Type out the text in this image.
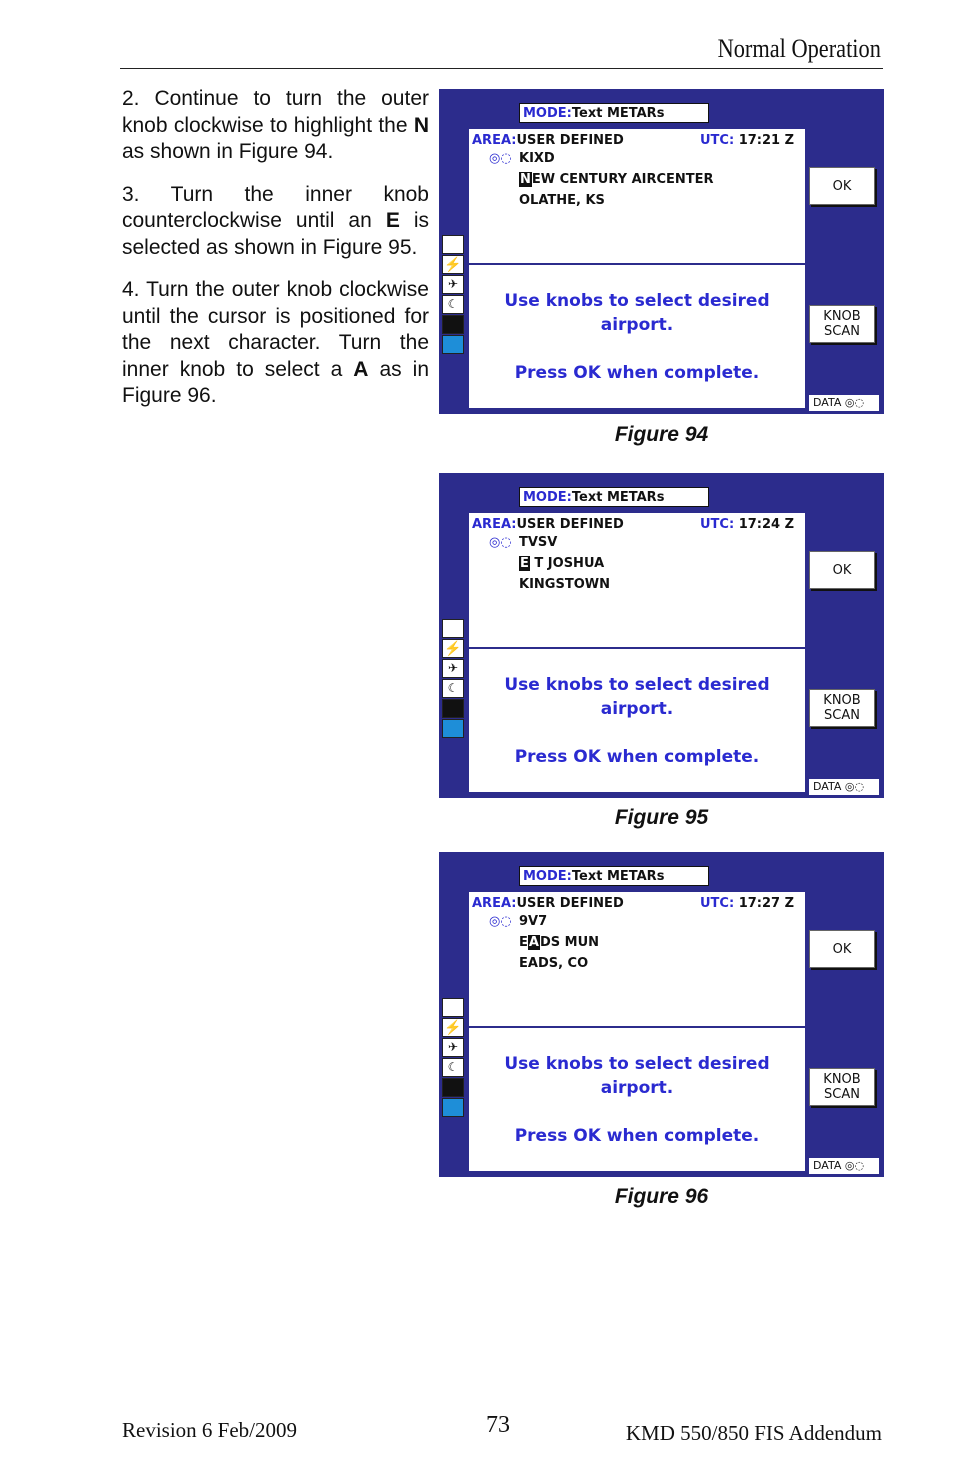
Normal Operation

2. Continue to turn the outer knob clockwise to highlight the N as shown in Figure 94.

3. Turn the inner knob counterclockwise until an E is selected as shown in Figure 95.

4. Turn the outer knob clockwise until the cursor is positioned for the next character. Turn the inner knob to select a A as in Figure 96.

MODE:Text METARs
AREA:USER DEFINED	UTC: 17:21 Z
◎◌ KIXD
NEW CENTURY AIRCENTER
OLATHE, KS
Use knobs to select desired
airport.
Press OK when complete.
OK
KNOB
SCAN
DATA ◎◌
⚡
✈
☾
Figure 94
MODE:Text METARs
AREA:USER DEFINED	UTC: 17:24 Z
◎◌ TVSV
E T JOSHUA
KINGSTOWN
Use knobs to select desired
airport.
Press OK when complete.
OK
KNOB
SCAN
DATA ◎◌
⚡
✈
☾
Figure 95
MODE:Text METARs
AREA:USER DEFINED	UTC: 17:27 Z
◎◌ 9V7
EADS MUN
EADS, CO
Use knobs to select desired
airport.
Press OK when complete.
OK
KNOB
SCAN
DATA ◎◌
⚡
✈
☾
Figure 96
Revision 6 Feb/2009	73	KMD 550/850 FIS Addendum
